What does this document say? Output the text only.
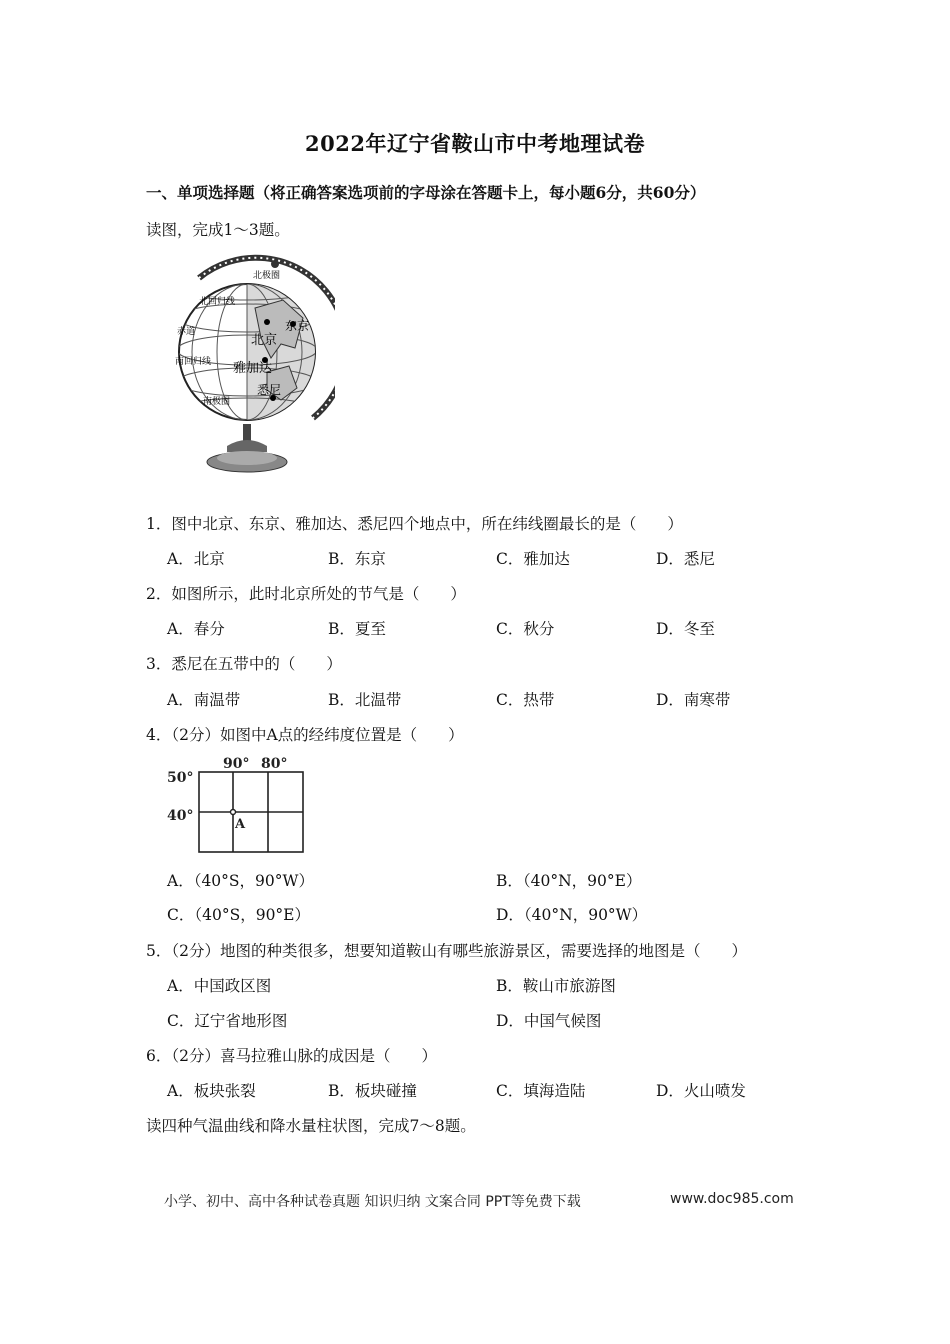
2022年辽宁省鞍山市中考地理试卷
一、单项选择题（将正确答案选项前的字母涂在答题卡上，每小题6分，共60分）
读图，完成1～3题。
北极圈
北回归线
赤道
南回归线
南极圈
北京
东京
雅加达
悉尼
1．图中北京、东京、雅加达、悉尼四个地点中，所在纬线圈最长的是（　　）
A．北京	B．东京	C．雅加达	D．悉尼
2．如图所示，此时北京所处的节气是（　　）
A．春分	B．夏至	C．秋分	D．冬至
3．悉尼在五带中的（　　）
A．南温带	B．北温带	C．热带	D．南寒带
4．（2分）如图中A点的经纬度位置是（　　）
90° 80°
50°
40°
A
A．（40°S，90°W）	B．（40°N，90°E）
C．（40°S，90°E）	D．（40°N，90°W）
5．（2分）地图的种类很多，想要知道鞍山有哪些旅游景区，需要选择的地图是（　　）
A．中国政区图	B．鞍山市旅游图
C．辽宁省地形图	D．中国气候图
6．（2分）喜马拉雅山脉的成因是（　　）
A．板块张裂	B．板块碰撞	C．填海造陆	D．火山喷发
读四种气温曲线和降水量柱状图，完成7～8题。
小学、初中、高中各种试卷真题 知识归纳 文案合同 PPT等免费下载	www.doc985.com
